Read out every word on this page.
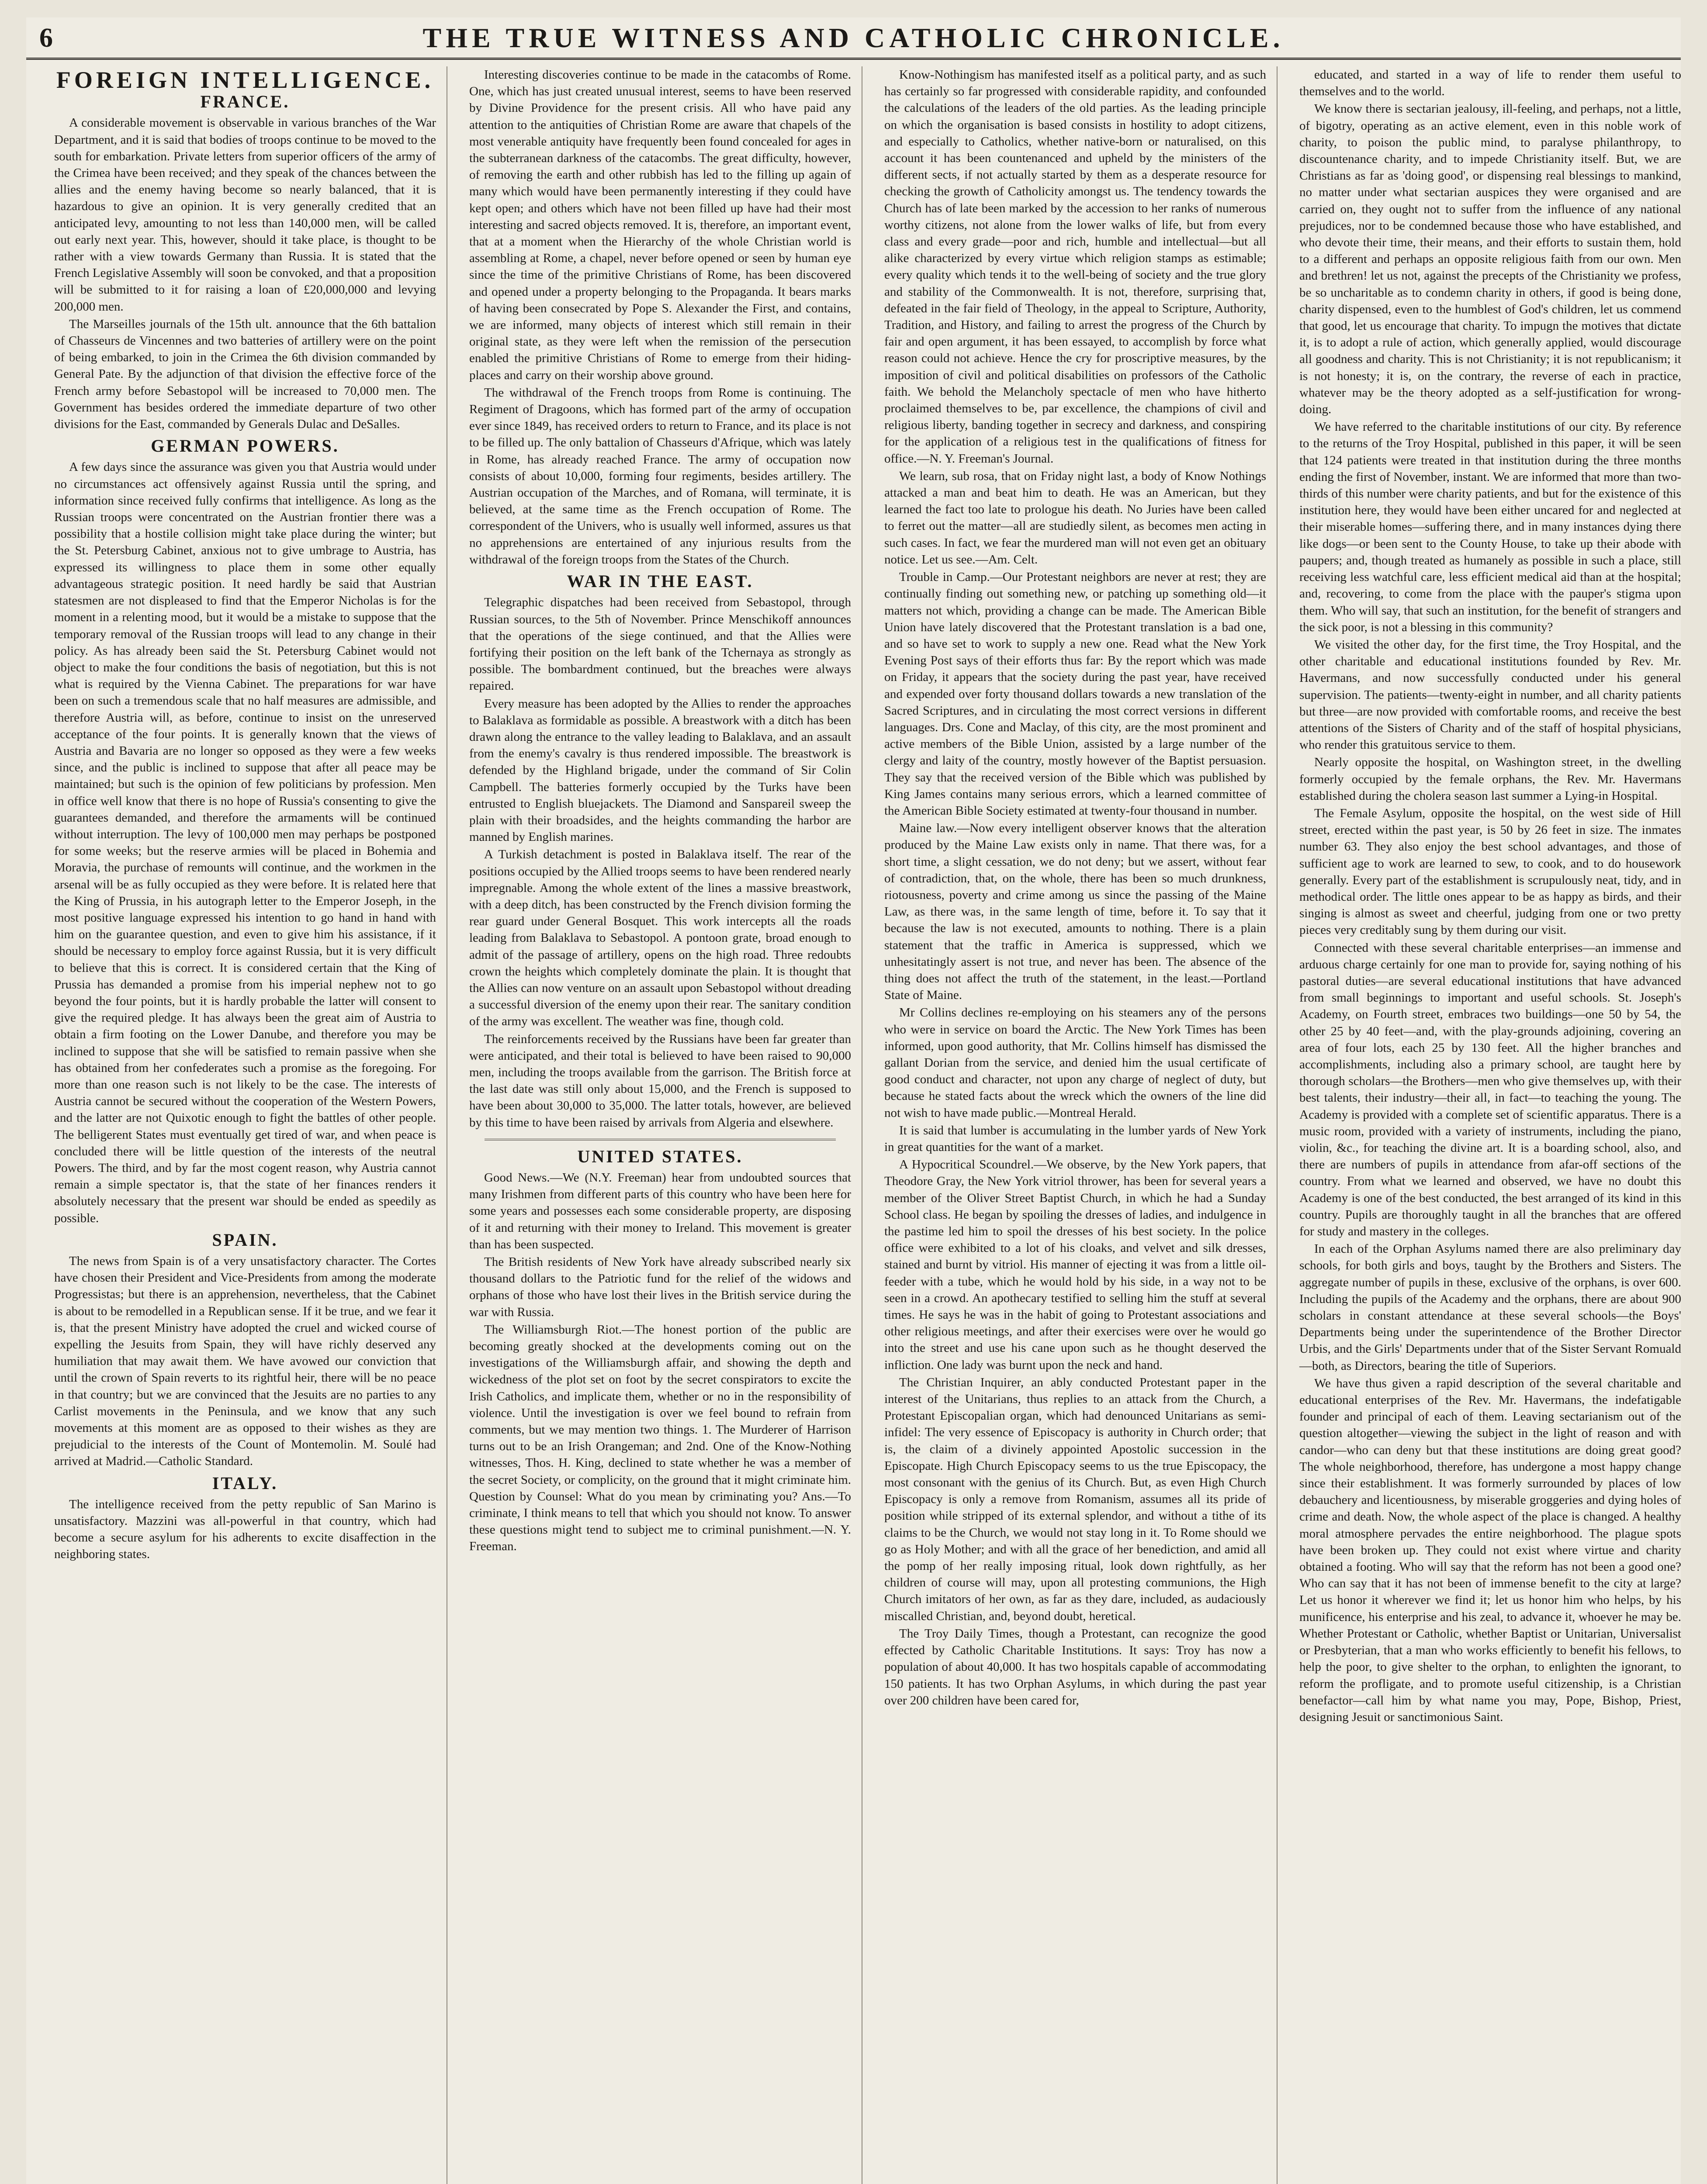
6	THE TRUE WITNESS AND CATHOLIC CHRONICLE.
FOREIGN INTELLIGENCE.
FRANCE.

A considerable movement is observable in various branches of the War Department, and it is said that bodies of troops continue to be moved to the south for embarkation. Private letters from superior officers of the army of the Crimea have been received; and they speak of the chances between the allies and the enemy having become so nearly balanced, that it is hazardous to give an opinion. It is very generally credited that an anticipated levy, amounting to not less than 140,000 men, will be called out early next year. This, however, should it take place, is thought to be rather with a view towards Germany than Russia. It is stated that the French Legislative Assembly will soon be convoked, and that a proposition will be submitted to it for raising a loan of £20,000,000 and levying 200,000 men.

The Marseilles journals of the 15th ult. announce that the 6th battalion of Chasseurs de Vincennes and two batteries of artillery were on the point of being embarked, to join in the Crimea the 6th division commanded by General Pate. By the adjunction of that division the effective force of the French army before Sebastopol will be increased to 70,000 men. The Government has besides ordered the immediate departure of two other divisions for the East, commanded by Generals Dulac and DeSalles.

GERMAN POWERS.

A few days since the assurance was given you that Austria would under no circumstances act offensively against Russia until the spring, and information since received fully confirms that intelligence. As long as the Russian troops were concentrated on the Austrian frontier there was a possibility that a hostile collision might take place during the winter; but the St. Petersburg Cabinet, anxious not to give umbrage to Austria, has expressed its willingness to place them in some other equally advantageous strategic position. It need hardly be said that Austrian statesmen are not displeased to find that the Emperor Nicholas is for the moment in a relenting mood, but it would be a mistake to suppose that the temporary removal of the Russian troops will lead to any change in their policy. As has already been said the St. Petersburg Cabinet would not object to make the four conditions the basis of negotiation, but this is not what is required by the Vienna Cabinet. The preparations for war have been on such a tremendous scale that no half measures are admissible, and therefore Austria will, as before, continue to insist on the unreserved acceptance of the four points. It is generally known that the views of Austria and Bavaria are no longer so opposed as they were a few weeks since, and the public is inclined to suppose that after all peace may be maintained; but such is the opinion of few politicians by profession. Men in office well know that there is no hope of Russia's consenting to give the guarantees demanded, and therefore the armaments will be continued without interruption. The levy of 100,000 men may perhaps be postponed for some weeks; but the reserve armies will be placed in Bohemia and Moravia, the purchase of remounts will continue, and the workmen in the arsenal will be as fully occupied as they were before. It is related here that the King of Prussia, in his autograph letter to the Emperor Joseph, in the most positive language expressed his intention to go hand in hand with him on the guarantee question, and even to give him his assistance, if it should be necessary to employ force against Russia, but it is very difficult to believe that this is correct. It is considered certain that the King of Prussia has demanded a promise from his imperial nephew not to go beyond the four points, but it is hardly probable the latter will consent to give the required pledge. It has always been the great aim of Austria to obtain a firm footing on the Lower Danube, and therefore you may be inclined to suppose that she will be satisfied to remain passive when she has obtained from her confederates such a promise as the foregoing. For more than one reason such is not likely to be the case. The interests of Austria cannot be secured without the cooperation of the Western Powers, and the latter are not Quixotic enough to fight the battles of other people. The belligerent States must eventually get tired of war, and when peace is concluded there will be little question of the interests of the neutral Powers. The third, and by far the most cogent reason, why Austria cannot remain a simple spectator is, that the state of her finances renders it absolutely necessary that the present war should be ended as speedily as possible.

SPAIN.

The news from Spain is of a very unsatisfactory character. The Cortes have chosen their President and Vice-Presidents from among the moderate Progressistas; but there is an apprehension, nevertheless, that the Cabinet is about to be remodelled in a Republican sense. If it be true, and we fear it is, that the present Ministry have adopted the cruel and wicked course of expelling the Jesuits from Spain, they will have richly deserved any humiliation that may await them. We have avowed our conviction that until the crown of Spain reverts to its rightful heir, there will be no peace in that country; but we are convinced that the Jesuits are no parties to any Carlist movements in the Peninsula, and we know that any such movements at this moment are as opposed to their wishes as they are prejudicial to the interests of the Count of Montemolin. M. Soulé had arrived at Madrid.—Catholic Standard.

ITALY.

The intelligence received from the petty republic of San Marino is unsatisfactory. Mazzini was all-powerful in that country, which had become a secure asylum for his adherents to excite disaffection in the neighboring states.

Interesting discoveries continue to be made in the catacombs of Rome. One, which has just created unusual interest, seems to have been reserved by Divine Providence for the present crisis. All who have paid any attention to the antiquities of Christian Rome are aware that chapels of the most venerable antiquity have frequently been found concealed for ages in the subterranean darkness of the catacombs. The great difficulty, however, of removing the earth and other rubbish has led to the filling up again of many which would have been permanently interesting if they could have kept open; and others which have not been filled up have had their most interesting and sacred objects removed. It is, therefore, an important event, that at a moment when the Hierarchy of the whole Christian world is assembling at Rome, a chapel, never before opened or seen by human eye since the time of the primitive Christians of Rome, has been discovered and opened under a property belonging to the Propaganda. It bears marks of having been consecrated by Pope S. Alexander the First, and contains, we are informed, many objects of interest which still remain in their original state, as they were left when the remission of the persecution enabled the primitive Christians of Rome to emerge from their hiding-places and carry on their worship above ground.

The withdrawal of the French troops from Rome is continuing. The Regiment of Dragoons, which has formed part of the army of occupation ever since 1849, has received orders to return to France, and its place is not to be filled up. The only battalion of Chasseurs d'Afrique, which was lately in Rome, has already reached France. The army of occupation now consists of about 10,000, forming four regiments, besides artillery. The Austrian occupation of the Marches, and of Romana, will terminate, it is believed, at the same time as the French occupation of Rome. The correspondent of the Univers, who is usually well informed, assures us that no apprehensions are entertained of any injurious results from the withdrawal of the foreign troops from the States of the Church.

WAR IN THE EAST.

Telegraphic dispatches had been received from Sebastopol, through Russian sources, to the 5th of November. Prince Menschikoff announces that the operations of the siege continued, and that the Allies were fortifying their position on the left bank of the Tchernaya as strongly as possible. The bombardment continued, but the breaches were always repaired.

Every measure has been adopted by the Allies to render the approaches to Balaklava as formidable as possible. A breastwork with a ditch has been drawn along the entrance to the valley leading to Balaklava, and an assault from the enemy's cavalry is thus rendered impossible. The breastwork is defended by the Highland brigade, under the command of Sir Colin Campbell. The batteries formerly occupied by the Turks have been entrusted to English bluejackets. The Diamond and Sanspareil sweep the plain with their broadsides, and the heights commanding the harbor are manned by English marines.

A Turkish detachment is posted in Balaklava itself. The rear of the positions occupied by the Allied troops seems to have been rendered nearly impregnable. Among the whole extent of the lines a massive breastwork, with a deep ditch, has been constructed by the French division forming the rear guard under General Bosquet. This work intercepts all the roads leading from Balaklava to Sebastopol. A pontoon grate, broad enough to admit of the passage of artillery, opens on the high road. Three redoubts crown the heights which completely dominate the plain. It is thought that the Allies can now venture on an assault upon Sebastopol without dreading a successful diversion of the enemy upon their rear. The sanitary condition of the army was excellent. The weather was fine, though cold.

The reinforcements received by the Russians have been far greater than were anticipated, and their total is believed to have been raised to 90,000 men, including the troops available from the garrison. The British force at the last date was still only about 15,000, and the French is supposed to have been about 30,000 to 35,000. The latter totals, however, are believed by this time to have been raised by arrivals from Algeria and elsewhere.

UNITED STATES.

Good News.—We (N.Y. Freeman) hear from undoubted sources that many Irishmen from different parts of this country who have been here for some years and possesses each some considerable property, are disposing of it and returning with their money to Ireland. This movement is greater than has been suspected.

The British residents of New York have already subscribed nearly six thousand dollars to the Patriotic fund for the relief of the widows and orphans of those who have lost their lives in the British service during the war with Russia.

The Williamsburgh Riot.—The honest portion of the public are becoming greatly shocked at the developments coming out on the investigations of the Williamsburgh affair, and showing the depth and wickedness of the plot set on foot by the secret conspirators to excite the Irish Catholics, and implicate them, whether or no in the responsibility of violence. Until the investigation is over we feel bound to refrain from comments, but we may mention two things. 1. The Murderer of Harrison turns out to be an Irish Orangeman; and 2nd. One of the Know-Nothing witnesses, Thos. H. King, declined to state whether he was a member of the secret Society, or complicity, on the ground that it might criminate him. Question by Counsel: What do you mean by criminating you? Ans.—To criminate, I think means to tell that which you should not know. To answer these questions might tend to subject me to criminal punishment.—N. Y. Freeman.

Know-Nothingism has manifested itself as a political party, and as such has certainly so far progressed with considerable rapidity, and confounded the calculations of the leaders of the old parties. As the leading principle on which the organisation is based consists in hostility to adopt citizens, and especially to Catholics, whether native-born or naturalised, on this account it has been countenanced and upheld by the ministers of the different sects, if not actually started by them as a desperate resource for checking the growth of Catholicity amongst us. The tendency towards the Church has of late been marked by the accession to her ranks of numerous worthy citizens, not alone from the lower walks of life, but from every class and every grade—poor and rich, humble and intellectual—but all alike characterized by every virtue which religion stamps as estimable; every quality which tends it to the well-being of society and the true glory and stability of the Commonwealth. It is not, therefore, surprising that, defeated in the fair field of Theology, in the appeal to Scripture, Authority, Tradition, and History, and failing to arrest the progress of the Church by fair and open argument, it has been essayed, to accomplish by force what reason could not achieve. Hence the cry for proscriptive measures, by the imposition of civil and political disabilities on professors of the Catholic faith. We behold the Melancholy spectacle of men who have hitherto proclaimed themselves to be, par excellence, the champions of civil and religious liberty, banding together in secrecy and darkness, and conspiring for the application of a religious test in the qualifications of fitness for office.—N. Y. Freeman's Journal.

We learn, sub rosa, that on Friday night last, a body of Know Nothings attacked a man and beat him to death. He was an American, but they learned the fact too late to prologue his death. No Juries have been called to ferret out the matter—all are studiedly silent, as becomes men acting in such cases. In fact, we fear the murdered man will not even get an obituary notice. Let us see.—Am. Celt.

Trouble in Camp.—Our Protestant neighbors are never at rest; they are continually finding out something new, or patching up something old—it matters not which, providing a change can be made. The American Bible Union have lately discovered that the Protestant translation is a bad one, and so have set to work to supply a new one. Read what the New York Evening Post says of their efforts thus far: By the report which was made on Friday, it appears that the society during the past year, have received and expended over forty thousand dollars towards a new translation of the Sacred Scriptures, and in circulating the most correct versions in different languages. Drs. Cone and Maclay, of this city, are the most prominent and active members of the Bible Union, assisted by a large number of the clergy and laity of the country, mostly however of the Baptist persuasion. They say that the received version of the Bible which was published by King James contains many serious errors, which a learned committee of the American Bible Society estimated at twenty-four thousand in number.

Maine law.—Now every intelligent observer knows that the alteration produced by the Maine Law exists only in name. That there was, for a short time, a slight cessation, we do not deny; but we assert, without fear of contradiction, that, on the whole, there has been so much drunkness, riotousness, poverty and crime among us since the passing of the Maine Law, as there was, in the same length of time, before it. To say that it because the law is not executed, amounts to nothing. There is a plain statement that the traffic in America is suppressed, which we unhesitatingly assert is not true, and never has been. The absence of the thing does not affect the truth of the statement, in the least.—Portland State of Maine.

Mr Collins declines re-employing on his steamers any of the persons who were in service on board the Arctic. The New York Times has been informed, upon good authority, that Mr. Collins himself has dismissed the gallant Dorian from the service, and denied him the usual certificate of good conduct and character, not upon any charge of neglect of duty, but because he stated facts about the wreck which the owners of the line did not wish to have made public.—Montreal Herald.

It is said that lumber is accumulating in the lumber yards of New York in great quantities for the want of a market.

A Hypocritical Scoundrel.—We observe, by the New York papers, that Theodore Gray, the New York vitriol thrower, has been for several years a member of the Oliver Street Baptist Church, in which he had a Sunday School class. He began by spoiling the dresses of ladies, and indulgence in the pastime led him to spoil the dresses of his best society. In the police office were exhibited to a lot of his cloaks, and velvet and silk dresses, stained and burnt by vitriol. His manner of ejecting it was from a little oil-feeder with a tube, which he would hold by his side, in a way not to be seen in a crowd. An apothecary testified to selling him the stuff at several times. He says he was in the habit of going to Protestant associations and other religious meetings, and after their exercises were over he would go into the street and use his cane upon such as he thought deserved the infliction. One lady was burnt upon the neck and hand.

The Christian Inquirer, an ably conducted Protestant paper in the interest of the Unitarians, thus replies to an attack from the Church, a Protestant Episcopalian organ, which had denounced Unitarians as semi-infidel: The very essence of Episcopacy is authority in Church order; that is, the claim of a divinely appointed Apostolic succession in the Episcopate. High Church Episcopacy seems to us the true Episcopacy, the most consonant with the genius of its Church. But, as even High Church Episcopacy is only a remove from Romanism, assumes all its pride of position while stripped of its external splendor, and without a tithe of its claims to be the Church, we would not stay long in it. To Rome should we go as Holy Mother; and with all the grace of her benediction, and amid all the pomp of her really imposing ritual, look down rightfully, as her children of course will may, upon all protesting communions, the High Church imitators of her own, as far as they dare, included, as audaciously miscalled Christian, and, beyond doubt, heretical.

The Troy Daily Times, though a Protestant, can recognize the good effected by Catholic Charitable Institutions. It says: Troy has now a population of about 40,000. It has two hospitals capable of accommodating 150 patients. It has two Orphan Asylums, in which during the past year over 200 children have been cared for,

educated, and started in a way of life to render them useful to themselves and to the world.

We know there is sectarian jealousy, ill-feeling, and perhaps, not a little, of bigotry, operating as an active element, even in this noble work of charity, to poison the public mind, to paralyse philanthropy, to discountenance charity, and to impede Christianity itself. But, we are Christians as far as 'doing good', or dispensing real blessings to mankind, no matter under what sectarian auspices they were organised and are carried on, they ought not to suffer from the influence of any national prejudices, nor to be condemned because those who have established, and who devote their time, their means, and their efforts to sustain them, hold to a different and perhaps an opposite religious faith from our own. Men and brethren! let us not, against the precepts of the Christianity we profess, be so uncharitable as to condemn charity in others, if good is being done, charity dispensed, even to the humblest of God's children, let us commend that good, let us encourage that charity. To impugn the motives that dictate it, is to adopt a rule of action, which generally applied, would discourage all goodness and charity. This is not Christianity; it is not republicanism; it is not honesty; it is, on the contrary, the reverse of each in practice, whatever may be the theory adopted as a self-justification for wrong-doing.

We have referred to the charitable institutions of our city. By reference to the returns of the Troy Hospital, published in this paper, it will be seen that 124 patients were treated in that institution during the three months ending the first of November, instant. We are informed that more than two-thirds of this number were charity patients, and but for the existence of this institution here, they would have been either uncared for and neglected at their miserable homes—suffering there, and in many instances dying there like dogs—or been sent to the County House, to take up their abode with paupers; and, though treated as humanely as possible in such a place, still receiving less watchful care, less efficient medical aid than at the hospital; and, recovering, to come from the place with the pauper's stigma upon them. Who will say, that such an institution, for the benefit of strangers and the sick poor, is not a blessing in this community?

We visited the other day, for the first time, the Troy Hospital, and the other charitable and educational institutions founded by Rev. Mr. Havermans, and now successfully conducted under his general supervision. The patients—twenty-eight in number, and all charity patients but three—are now provided with comfortable rooms, and receive the best attentions of the Sisters of Charity and of the staff of hospital physicians, who render this gratuitous service to them.

Nearly opposite the hospital, on Washington street, in the dwelling formerly occupied by the female orphans, the Rev. Mr. Havermans established during the cholera season last summer a Lying-in Hospital.

The Female Asylum, opposite the hospital, on the west side of Hill street, erected within the past year, is 50 by 26 feet in size. The inmates number 63. They also enjoy the best school advantages, and those of sufficient age to work are learned to sew, to cook, and to do housework generally. Every part of the establishment is scrupulously neat, tidy, and in methodical order. The little ones appear to be as happy as birds, and their singing is almost as sweet and cheerful, judging from one or two pretty pieces very creditably sung by them during our visit.

Connected with these several charitable enterprises—an immense and arduous charge certainly for one man to provide for, saying nothing of his pastoral duties—are several educational institutions that have advanced from small beginnings to important and useful schools. St. Joseph's Academy, on Fourth street, embraces two buildings—one 50 by 54, the other 25 by 40 feet—and, with the play-grounds adjoining, covering an area of four lots, each 25 by 130 feet. All the higher branches and accomplishments, including also a primary school, are taught here by thorough scholars—the Brothers—men who give themselves up, with their best talents, their industry—their all, in fact—to teaching the young. The Academy is provided with a complete set of scientific apparatus. There is a music room, provided with a variety of instruments, including the piano, violin, &c., for teaching the divine art. It is a boarding school, also, and there are numbers of pupils in attendance from afar-off sections of the country. From what we learned and observed, we have no doubt this Academy is one of the best conducted, the best arranged of its kind in this country. Pupils are thoroughly taught in all the branches that are offered for study and mastery in the colleges.

In each of the Orphan Asylums named there are also preliminary day schools, for both girls and boys, taught by the Brothers and Sisters. The aggregate number of pupils in these, exclusive of the orphans, is over 600. Including the pupils of the Academy and the orphans, there are about 900 scholars in constant attendance at these several schools—the Boys' Departments being under the superintendence of the Brother Director Urbis, and the Girls' Departments under that of the Sister Servant Romuald—both, as Directors, bearing the title of Superiors.

We have thus given a rapid description of the several charitable and educational enterprises of the Rev. Mr. Havermans, the indefatigable founder and principal of each of them. Leaving sectarianism out of the question altogether—viewing the subject in the light of reason and with candor—who can deny but that these institutions are doing great good? The whole neighborhood, therefore, has undergone a most happy change since their establishment. It was formerly surrounded by places of low debauchery and licentiousness, by miserable groggeries and dying holes of crime and death. Now, the whole aspect of the place is changed. A healthy moral atmosphere pervades the entire neighborhood. The plague spots have been broken up. They could not exist where virtue and charity obtained a footing. Who will say that the reform has not been a good one? Who can say that it has not been of immense benefit to the city at large? Let us honor it wherever we find it; let us honor him who helps, by his munificence, his enterprise and his zeal, to advance it, whoever he may be. Whether Protestant or Catholic, whether Baptist or Unitarian, Universalist or Presbyterian, that a man who works efficiently to benefit his fellows, to help the poor, to give shelter to the orphan, to enlighten the ignorant, to reform the profligate, and to promote useful citizenship, is a Christian benefactor—call him by what name you may, Pope, Bishop, Priest, designing Jesuit or sanctimonious Saint.
